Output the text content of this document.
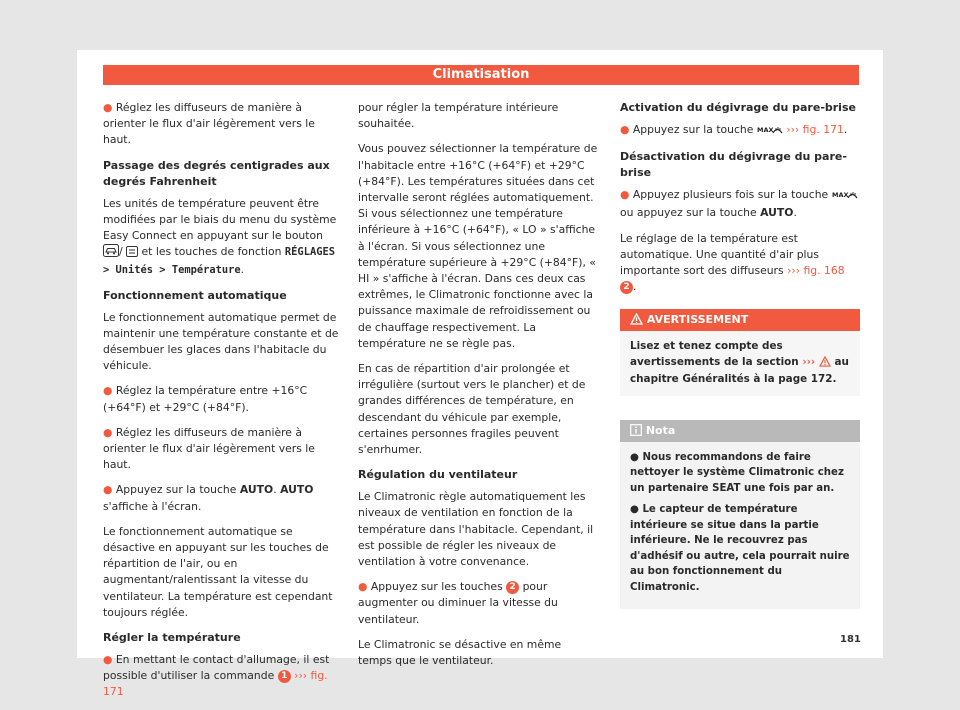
Climatisation

● Réglez les diffuseurs de manière à orienter le flux d'air légèrement vers le haut.

Passage des degrés centigrades aux degrés Fahrenheit

Les unités de température peuvent être modifiées par le biais du menu du système Easy Connect en appuyant sur le bouton /  et les touches de fonction RÉGLAGES > Unités > Température.

Fonctionnement automatique

Le fonctionnement automatique permet de maintenir une température constante et de désembuer les glaces dans l'habitacle du véhicule.

● Réglez la température entre +16°C (+64°F) et +29°C (+84°F).

● Réglez les diffuseurs de manière à orienter le flux d'air légèrement vers le haut.

● Appuyez sur la touche AUTO. AUTO s'affiche à l'écran.

Le fonctionnement automatique se désactive en appuyant sur les touches de répartition de l'air, ou en augmentant/ralentissant la vitesse du ventilateur. La température est cependant toujours réglée.

Régler la température

● En mettant le contact d'allumage, il est possible d'utiliser la commande 1 ››› fig. 171

pour régler la température intérieure souhaitée.

Vous pouvez sélectionner la température de l'habitacle entre +16°C (+64°F) et +29°C (+84°F). Les températures situées dans cet intervalle seront réglées automatiquement. Si vous sélectionnez une température inférieure à +16°C (+64°F), « LO » s'affiche à l'écran. Si vous sélectionnez une température supérieure à +29°C (+84°F), « HI » s'affiche à l'écran. Dans ces deux cas extrêmes, le Climatronic fonctionne avec la puissance maximale de refroidissement ou de chauffage respectivement. La température ne se règle pas.

En cas de répartition d'air prolongée et irrégulière (surtout vers le plancher) et de grandes différences de température, en descendant du véhicule par exemple, certaines personnes fragiles peuvent s'enrhumer.

Régulation du ventilateur

Le Climatronic règle automatiquement les niveaux de ventilation en fonction de la température dans l'habitacle. Cependant, il est possible de régler les niveaux de ventilation à votre convenance.

● Appuyez sur les touches 2 pour augmenter ou diminuer la vitesse du ventilateur.

Le Climatronic se désactive en même temps que le ventilateur.

Activation du dégivrage du pare-brise

● Appuyez sur la touche MAX ››› fig. 171.

Désactivation du dégivrage du pare-brise

● Appuyez plusieurs fois sur la touche MAX
ou appuyez sur la touche AUTO.

Le réglage de la température est automatique. Une quantité d'air plus importante sort des diffuseurs ››› fig. 168 2 .

AVERTISSEMENT
Lisez et tenez compte des avertissements de la section ››› au chapitre Généralités à la page 172.
Nota

● Nous recommandons de faire nettoyer le système Climatronic chez un partenaire SEAT une fois par an.

● Le capteur de température intérieure se situe dans la partie inférieure. Ne le recouvrez pas d'adhésif ou autre, cela pourrait nuire au bon fonctionnement du Climatronic.

181
